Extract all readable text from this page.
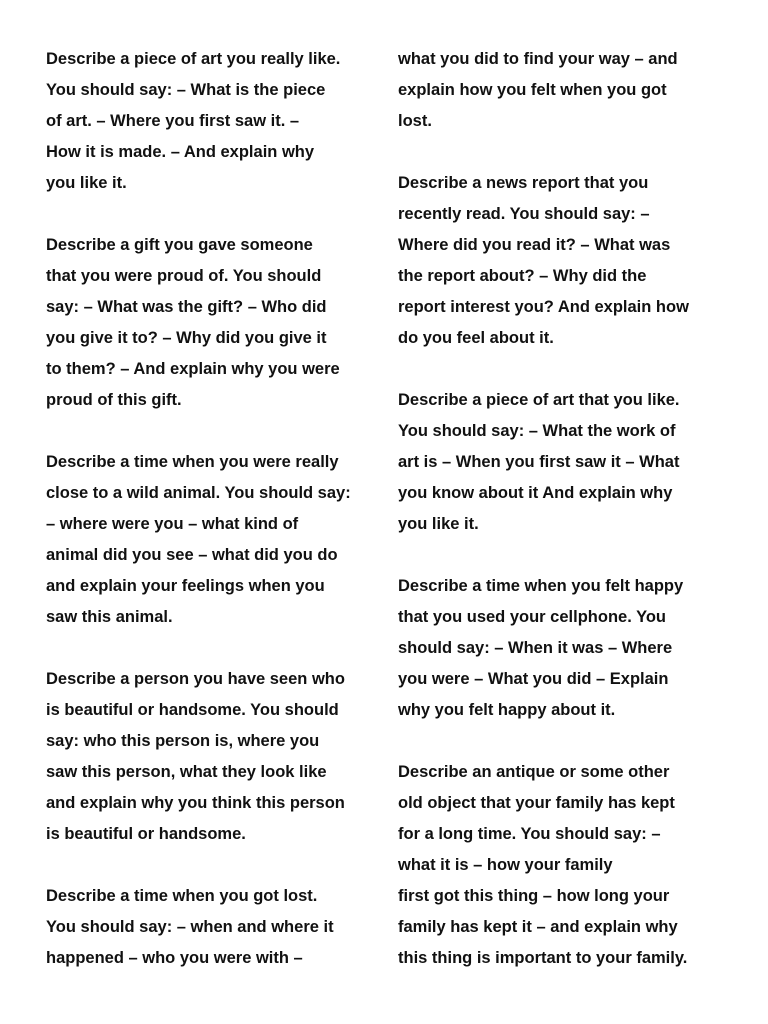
Describe a piece of art you really like.
You should say: – What is the piece
of art. – Where you first saw it. –
How it is made. – And explain why
you like it.
Describe a gift you gave someone
that you were proud of. You should
say: – What was the gift? – Who did
you give it to? – Why did you give it
to them? – And explain why you were
proud of this gift.
Describe a time when you were really
close to a wild animal. You should say:
– where were you – what kind of
animal did you see – what did you do
and explain your feelings when you
saw this animal.
Describe a person you have seen who
is beautiful or handsome. You should
say: who this person is, where you
saw this person, what they look like
and explain why you think this person
is beautiful or handsome.
Describe a time when you got lost.
You should say: – when and where it
happened – who you were with –
what you did to find your way – and
explain how you felt when you got
lost.
Describe a news report that you
recently read. You should say: –
Where did you read it? – What was
the report about? – Why did the
report interest you? And explain how
do you feel about it.
Describe a piece of art that you like.
You should say: – What the work of
art is – When you first saw it – What
you know about it And explain why
you like it.
Describe a time when you felt happy
that you used your cellphone. You
should say: – When it was – Where
you were – What you did – Explain
why you felt happy about it.
Describe an antique or some other
old object that your family has kept
for a long time. You should say: –
what it is – how your family
first got this thing – how long your
family has kept it – and explain why
this thing is important to your family.
